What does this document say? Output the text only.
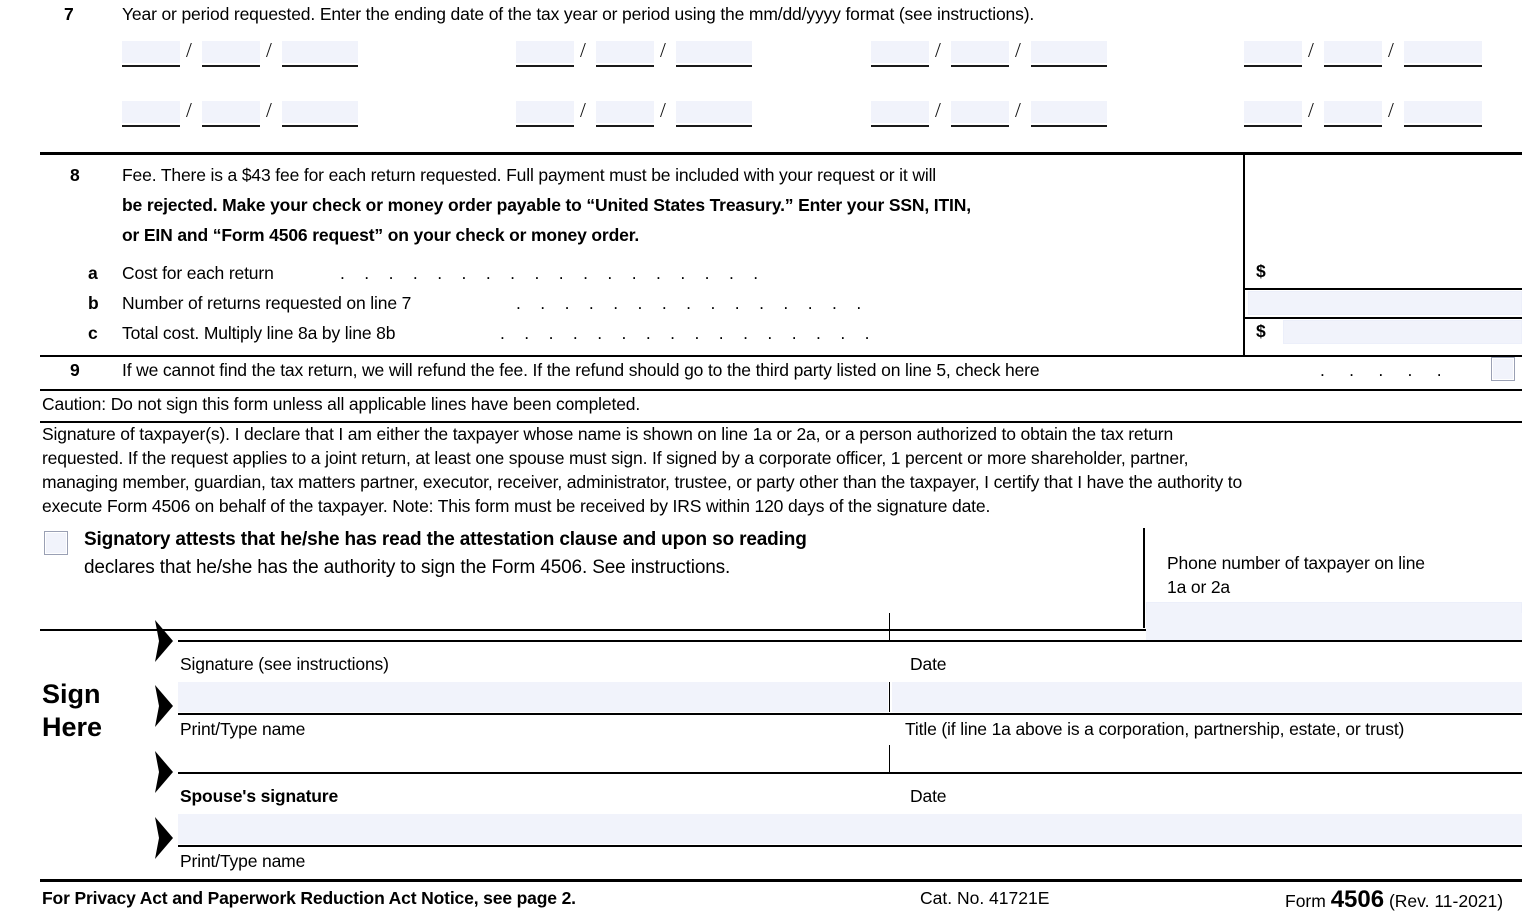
7	Year or period requested. Enter the ending date of the tax year or period using the mm/dd/yyyy format (see instructions).
/	/	/	/	/	/	/	/
/	/	/	/	/	/	/	/
8 Fee. There is a $43 fee for each return requested. Full payment must be included with your request or it will
be rejected. Make your check or money order payable to “United States Treasury.” Enter your SSN, ITIN,
or EIN and “Form 4506 request” on your check or money order.
a Cost for each return	.    .    .    .    .    .    .    .    .    .    .    .    .    .    .    .    .    .	$
b Number of returns requested on line 7	.    .    .    .    .    .    .    .    .    .    .    .    .    .    .
c Total cost. Multiply line 8a by line 8b	.    .    .    .    .    .    .    .    .    .    .    .    .    .    .    .	$
9 If we cannot find the tax return, we will refund the fee. If the refund should go to the third party listed on line 5, check here	.     .     .     .     .
Caution: Do not sign this form unless all applicable lines have been completed.
Signature of taxpayer(s). I declare that I am either the taxpayer whose name is shown on line 1a or 2a, or a person authorized to obtain the tax return
requested. If the request applies to a joint return, at least one spouse must sign. If signed by a corporate officer, 1 percent or more shareholder, partner,
managing member, guardian, tax matters partner, executor, receiver, administrator, trustee, or party other than the taxpayer, I certify that I have the authority to
execute Form 4506 on behalf of the taxpayer. Note: This form must be received by IRS within 120 days of the signature date.
Signatory attests that he/she has read the attestation clause and upon so reading
declares that he/she has the authority to sign the Form 4506. See instructions.	Phone number of taxpayer on line
1a or 2a
Sign
Here
Signature (see instructions)	Date
Print/Type name	Title (if line 1a above is a corporation, partnership, estate, or trust)
Spouse's signature	Date
Print/Type name
For Privacy Act and Paperwork Reduction Act Notice, see page 2.	Cat. No. 41721E	Form 4506 (Rev. 11-2021)
